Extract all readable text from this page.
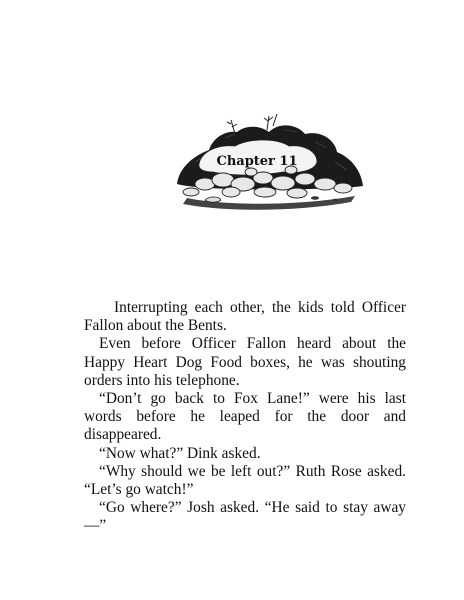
Chapter 11

Interrupting each other, the kids told Officer Fallon about the Bents.

Even before Officer Fallon heard about the Happy Heart Dog Food boxes, he was shouting orders into his telephone.

“Don’t go back to Fox Lane!” were his last words before he leaped for the door and disappeared.

“Now what?” Dink asked.

“Why should we be left out?” Ruth Rose asked. “Let’s go watch!”

“Go where?” Josh asked. “He said to stay away—”
